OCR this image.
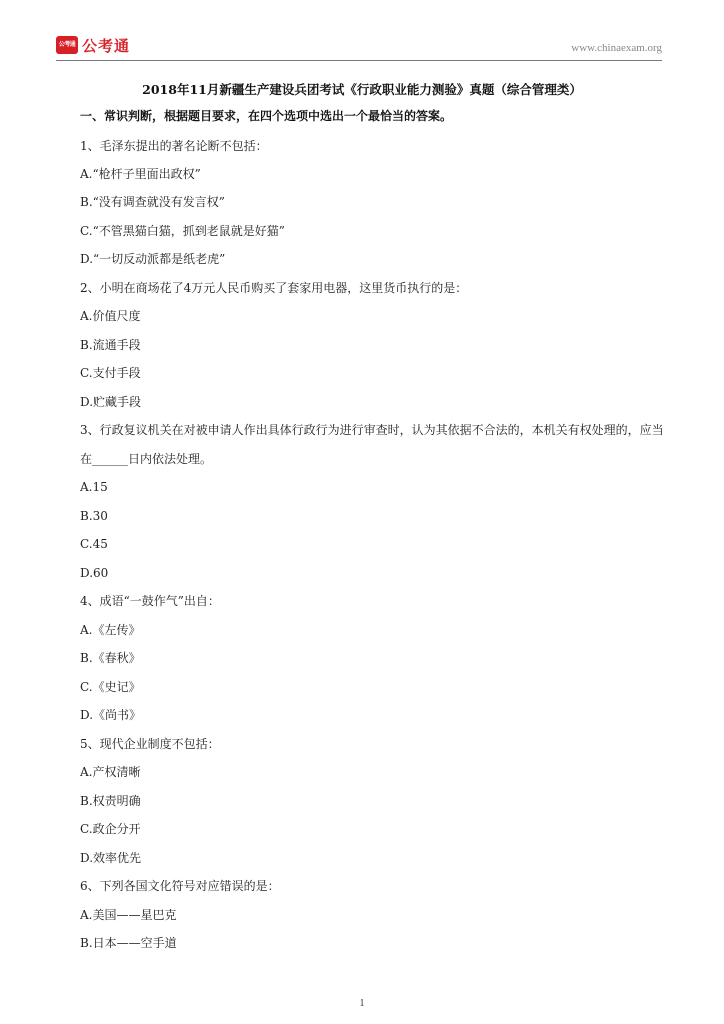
公考通 公考通	www.chinaexam.org
2018年11月新疆生产建设兵团考试《行政职业能力测验》真题（综合管理类）
一、常识判断，根据题目要求，在四个选项中选出一个最恰当的答案。
1、毛泽东提出的著名论断不包括：
A.“枪杆子里面出政权”
B.“没有调查就没有发言权”
C.“不管黑猫白猫，抓到老鼠就是好猫”
D.“一切反动派都是纸老虎”
2、小明在商场花了4万元人民币购买了套家用电器，这里货币执行的是：
A.价值尺度
B.流通手段
C.支付手段
D.贮藏手段
3、行政复议机关在对被申请人作出具体行政行为进行审查时，认为其依据不合法的，本机关有权处理的，应当在______日内依法处理。
A.15
B.30
C.45
D.60
4、成语“一鼓作气”出自：
A.《左传》
B.《春秋》
C.《史记》
D.《尚书》
5、现代企业制度不包括：
A.产权清晰
B.权责明确
C.政企分开
D.效率优先
6、下列各国文化符号对应错误的是：
A.美国——星巴克
B.日本——空手道
1
